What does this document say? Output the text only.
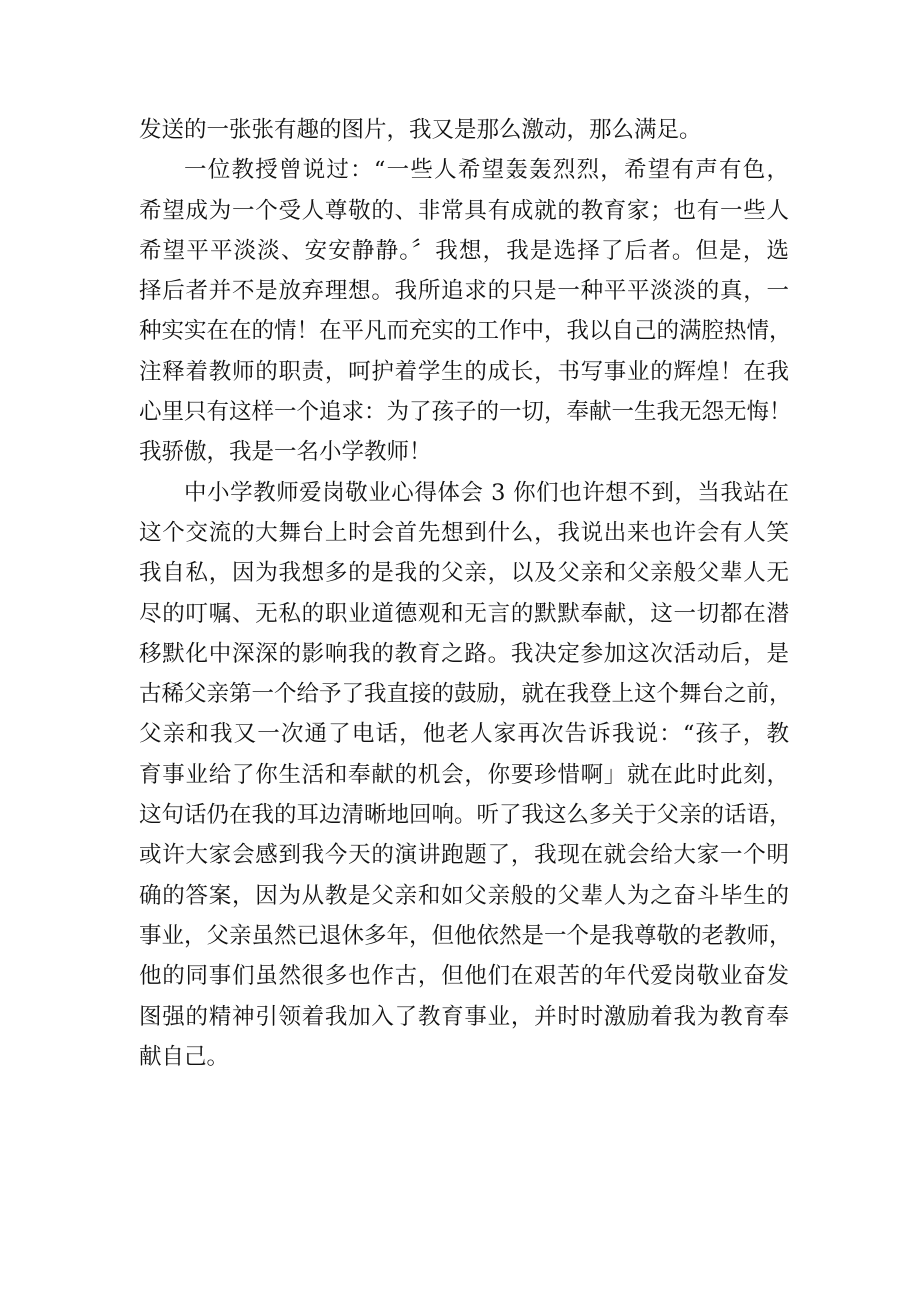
发送的一张张有趣的图片，我又是那么激动，那么满足。

一位教授曾说过：“一些人希望轰轰烈烈，希望有声有色，
希望成为一个受人尊敬的、非常具有成就的教育家；也有一些人
希望平平淡淡、安安静静。〞我想，我是选择了后者。但是，选
择后者并不是放弃理想。我所追求的只是一种平平淡淡的真，一
种实实在在的情！在平凡而充实的工作中，我以自己的满腔热情，
注释着教师的职责，呵护着学生的成长，书写事业的辉煌！在我
心里只有这样一个追求：为了孩子的一切，奉献一生我无怨无悔！
我骄傲，我是一名小学教师！

中小学教师爱岗敬业心得体会 3 你们也许想不到，当我站在
这个交流的大舞台上时会首先想到什么，我说出来也许会有人笑
我自私，因为我想多的是我的父亲，以及父亲和父亲般父辈人无
尽的叮嘱、无私的职业道德观和无言的默默奉献，这一切都在潜
移默化中深深的影响我的教育之路。我决定参加这次活动后，是
古稀父亲第一个给予了我直接的鼓励，就在我登上这个舞台之前，
父亲和我又一次通了电话，他老人家再次告诉我说：“孩子，教
育事业给了你生活和奉献的机会，你要珍惜啊」就在此时此刻，
这句话仍在我的耳边清晰地回响。听了我这么多关于父亲的话语，
或许大家会感到我今天的演讲跑题了，我现在就会给大家一个明
确的答案，因为从教是父亲和如父亲般的父辈人为之奋斗毕生的
事业，父亲虽然已退休多年，但他依然是一个是我尊敬的老教师，
他的同事们虽然很多也作古，但他们在艰苦的年代爱岗敬业奋发
图强的精神引领着我加入了教育事业，并时时激励着我为教育奉
献自己。
